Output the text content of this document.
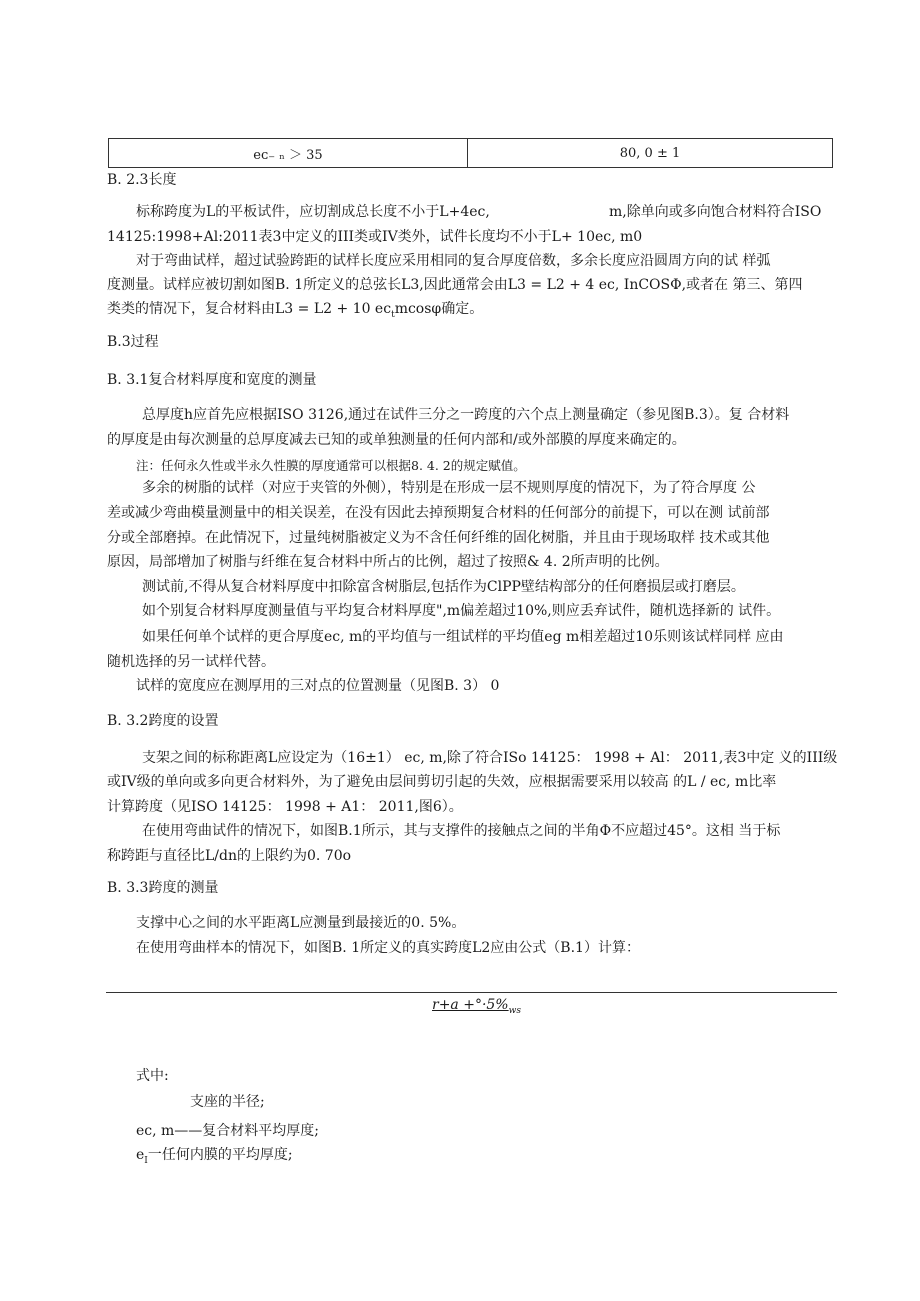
eᴄ₋ ₙ ＞ 35	80, 0 ± 1
B. 2.3长度
标称跨度为L的平板试件，应切割成总长度不小于L+4ec,	m,除单向或多向饱合材料符合ISO
14125:1998+Al:2011表3中定义的III类或IV类外，试件长度均不小于L+ 10ec, m0
对于弯曲试样，超过试验跨距的试样长度应采用相同的复合厚度倍数，多余长度应沿圆周方向的试 样弧
度测量。试样应被切割如图B. 1所定义的总弦长L3,因此通常会由L3 = L2 + 4 ec, InCOSΦ,或者在 第三、第四
类类的情况下，复合材料由L3 = L2 + 10 $ec_tmcos\varphi$确定。
B.3过程
B. 3.1复合材料厚度和宽度的测量
总厚度h应首先应根据ISO 3126,通过在试件三分之一跨度的六个点上测量确定（参见图B.3）。复 合材料
的厚度是由每次测量的总厚度减去已知的或单独测量的任何内部和/或外部膜的厚度来确定的。
注：任何永久性或半永久性膜的厚度通常可以根据8. 4. 2的规定赋值。
多余的树脂的试样（对应于夹管的外侧），特别是在形成一层不规则厚度的情况下，为了符合厚度 公
差或减少弯曲模量测量中的相关误差，在没有因此去掉预期复合材料的任何部分的前提下，可以在测 试前部
分或全部磨掉。在此情况下，过量纯树脂被定义为不含任何纤维的固化树脂，并且由于现场取样 技术或其他
原因，局部增加了树脂与纤维在复合材料中所占的比例，超过了按照& 4. 2所声明的比例。
测试前,不得从复合材料厚度中扣除富含树脂层,包括作为ClPP壁结构部分的任何磨损层或打磨层。
如个别复合材料厚度测量值与平均复合材料厚度",m偏差超过10%,则应丢弃试件，随机选择新的 试件。
如果任何单个试样的更合厚度ec, m的平均值与一组试样的平均值eg m相差超过10乐则该试样同样 应由
随机选择的另一试样代替。
试样的宽度应在测厚用的三对点的位置测量（见图B. 3） 0
B. 3.2跨度的设置
支架之间的标称距离L应设定为（16±1） ec, m,除了符合ISo 14125： 1998 + Al： 2011,表3中定 义的III级
或IV级的单向或多向更合材料外，为了避免由层间剪切引起的失效，应根据需要采用以较高 的L / ec, m比率
计算跨度（见ISO 14125： 1998 + A1： 2011,图6）。
在使用弯曲试件的情况下，如图B.1所示，其与支撑件的接触点之间的半角Φ不应超过45°。这相 当于标
称跨距与直径比L/dn的上限约为0. 70o
B. 3.3跨度的测量
支撑中心之间的水平距离L应测量到最接近的0. 5%。
在使用弯曲样本的情况下，如图B. 1所定义的真实跨度L2应由公式（B.1）计算：
$r+a +^\circ\cdot 5\%_{ws}$
式中:
支座的半径;
ec, m——复合材料平均厚度;
$e_I$一任何内膜的平均厚度;
